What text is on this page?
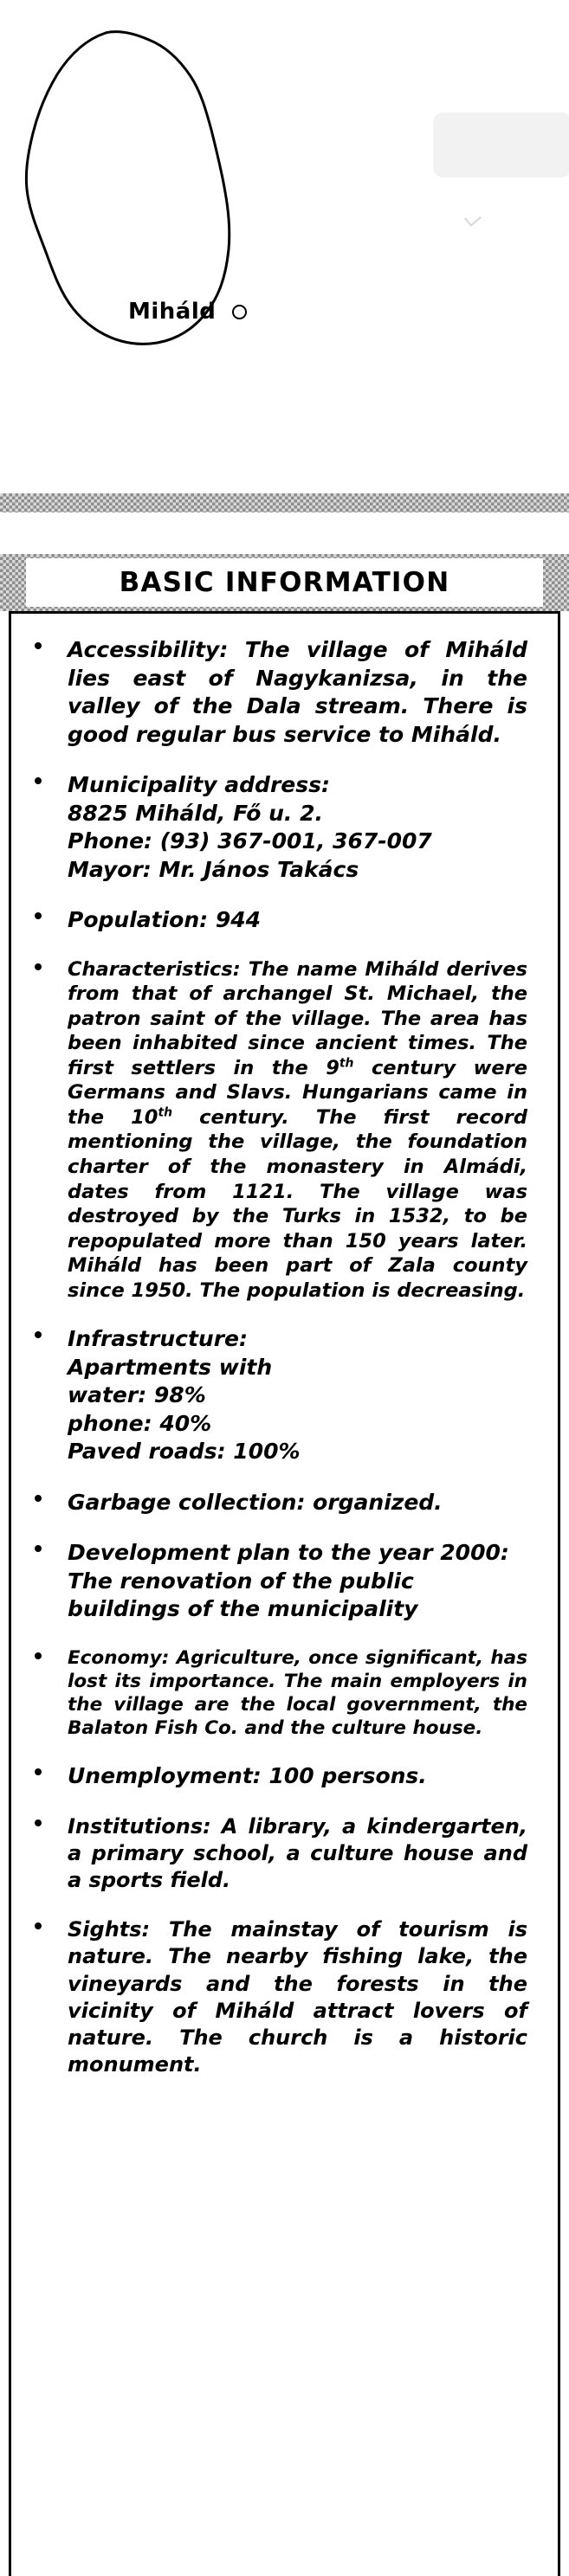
Miháld
BASIC INFORMATION

Accessibility: The village of Miháld lies east of Nagykanizsa, in the valley of the Dala stream. There is good regular bus service to Miháld.

Municipality address:

8825 Miháld, Fő u. 2.

Phone: (93) 367-001, 367-007

Mayor: Mr. János Takács

Population: 944

Characteristics: The name Miháld derives from that of archangel St. Michael, the patron saint of the village. The area has been inhabited since ancient times. The first settlers in the 9th century were Germans and Slavs. Hungarians came in the 10th century. The first record mentioning the village, the foundation charter of the monastery in Almádi, dates from 1121. The village was destroyed by the Turks in 1532, to be repopulated more than 150 years later. Miháld has been part of Zala county since 1950. The population is decreasing.

Infrastructure:

Apartments with

water: 98%

phone: 40%

Paved roads: 100%

Garbage collection: organized.

Development plan to the year 2000: The renovation of the public buildings of the municipality

Economy: Agriculture, once significant, has lost its importance. The main employers in the village are the local government, the Balaton Fish Co. and the culture house.

Unemployment: 100 persons.

Institutions: A library, a kindergarten, a primary school, a culture house and a sports field.

Sights: The mainstay of tourism is nature. The nearby fishing lake, the vineyards and the forests in the vicinity of Miháld attract lovers of nature. The church is a historic monument.
